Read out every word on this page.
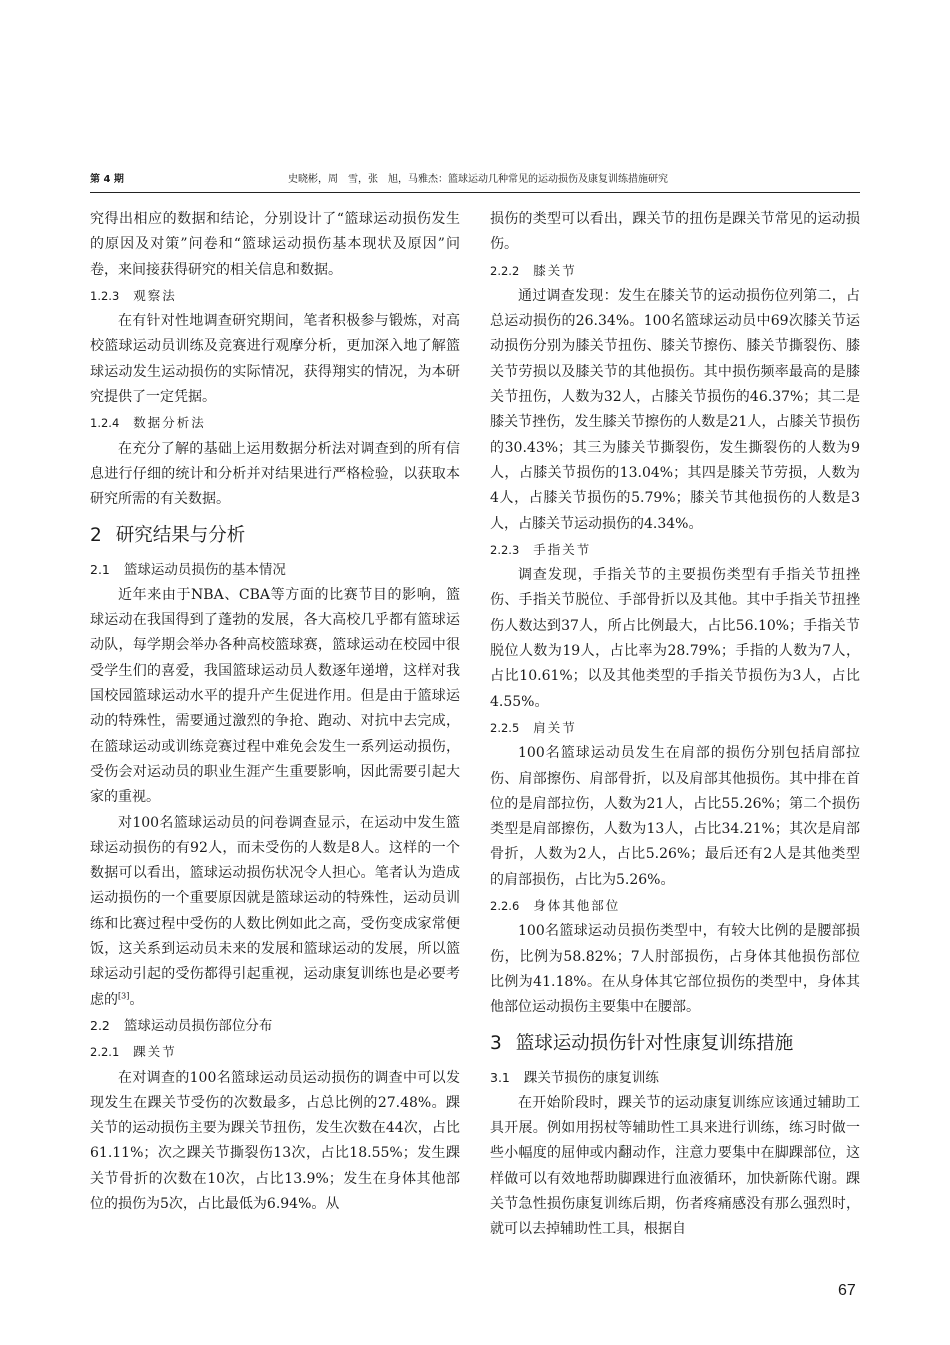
第 4 期	史晓彬，周　雪，张　旭，马雅杰：篮球运动几种常见的运动损伤及康复训练措施研究

究得出相应的数据和结论，分别设计了“篮球运动损伤发生的原因及对策”问卷和“篮球运动损伤基本现状及原因”问卷，来间接获得研究的相关信息和数据。

1.2.3 观察法

在有针对性地调查研究期间，笔者积极参与锻炼，对高校篮球运动员训练及竞赛进行观摩分析，更加深入地了解篮球运动发生运动损伤的实际情况，获得翔实的情况，为本研究提供了一定凭据。

1.2.4 数据分析法

在充分了解的基础上运用数据分析法对调查到的所有信息进行仔细的统计和分析并对结果进行严格检验，以获取本研究所需的有关数据。

2 研究结果与分析
2.1 篮球运动员损伤的基本情况

近年来由于NBA、CBA等方面的比赛节目的影响，篮球运动在我国得到了蓬勃的发展，各大高校几乎都有篮球运动队，每学期会举办各种高校篮球赛，篮球运动在校园中很受学生们的喜爱，我国篮球运动员人数逐年递增，这样对我国校园篮球运动水平的提升产生促进作用。但是由于篮球运动的特殊性，需要通过激烈的争抢、跑动、对抗中去完成，在篮球运动或训练竞赛过程中难免会发生一系列运动损伤，受伤会对运动员的职业生涯产生重要影响，因此需要引起大家的重视。

对100名篮球运动员的问卷调查显示，在运动中发生篮球运动损伤的有92人，而未受伤的人数是8人。这样的一个数据可以看出，篮球运动损伤状况令人担心。笔者认为造成运动损伤的一个重要原因就是篮球运动的特殊性，运动员训练和比赛过程中受伤的人数比例如此之高，受伤变成家常便饭，这关系到运动员未来的发展和篮球运动的发展，所以篮球运动引起的受伤都得引起重视，运动康复训练也是必要考虑的[3]。

2.2 篮球运动员损伤部位分布
2.2.1 踝关节

在对调查的100名篮球运动员运动损伤的调查中可以发现发生在踝关节受伤的次数最多，占总比例的27.48%。踝关节的运动损伤主要为踝关节扭伤，发生次数在44次，占比61.11%；次之踝关节撕裂伤13次，占比18.55%；发生踝关节骨折的次数在10次，占比13.9%；发生在身体其他部位的损伤为5次，占比最低为6.94%。从

损伤的类型可以看出，踝关节的扭伤是踝关节常见的运动损伤。

2.2.2 膝关节

通过调查发现：发生在膝关节的运动损伤位列第二，占总运动损伤的26.34%。100名篮球运动员中69次膝关节运动损伤分别为膝关节扭伤、膝关节擦伤、膝关节撕裂伤、膝关节劳损以及膝关节的其他损伤。其中损伤频率最高的是膝关节扭伤，人数为32人，占膝关节损伤的46.37%；其二是膝关节挫伤，发生膝关节擦伤的人数是21人，占膝关节损伤的30.43%；其三为膝关节撕裂伤，发生撕裂伤的人数为9人，占膝关节损伤的13.04%；其四是膝关节劳损，人数为4人，占膝关节损伤的5.79%；膝关节其他损伤的人数是3人，占膝关节运动损伤的4.34%。

2.2.3 手指关节

调查发现，手指关节的主要损伤类型有手指关节扭挫伤、手指关节脱位、手部骨折以及其他。其中手指关节扭挫伤人数达到37人，所占比例最大，占比56.10%；手指关节脱位人数为19人，占比率为28.79%；手指的人数为7人，占比10.61%；以及其他类型的手指关节损伤为3人，占比4.55%。

2.2.5 肩关节

100名篮球运动员发生在肩部的损伤分别包括肩部拉伤、肩部擦伤、肩部骨折，以及肩部其他损伤。其中排在首位的是肩部拉伤，人数为21人，占比55.26%；第二个损伤类型是肩部擦伤，人数为13人，占比34.21%；其次是肩部骨折，人数为2人，占比5.26%；最后还有2人是其他类型的肩部损伤，占比为5.26%。

2.2.6 身体其他部位

100名篮球运动员损伤类型中，有较大比例的是腰部损伤，比例为58.82%；7人肘部损伤，占身体其他损伤部位比例为41.18%。在从身体其它部位损伤的类型中，身体其他部位运动损伤主要集中在腰部。

3 篮球运动损伤针对性康复训练措施
3.1 踝关节损伤的康复训练

在开始阶段时，踝关节的运动康复训练应该通过辅助工具开展。例如用拐杖等辅助性工具来进行训练，练习时做一些小幅度的屈伸或内翻动作，注意力要集中在脚踝部位，这样做可以有效地帮助脚踝进行血液循环，加快新陈代谢。踝关节急性损伤康复训练后期，伤者疼痛感没有那么强烈时，就可以去掉辅助性工具，根据自

67
